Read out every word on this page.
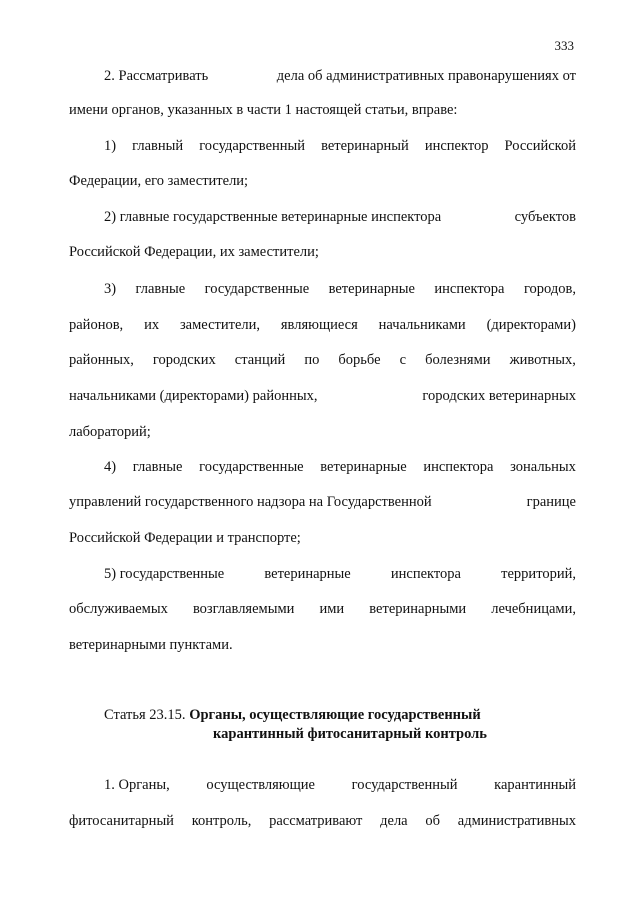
333
2. Рассматривать	дела об административных правонарушениях от
имени органов, указанных в части 1 настоящей статьи, вправе:
1) главный государственный ветеринарный инспектор Российской
Федерации, его заместители;
2) главные государственные ветеринарные инспектора	субъектов
Российской Федерации, их заместители;
3) главные государственные ветеринарные инспектора городов,
районов, их заместители, являющиеся начальниками (директорами)
районных, городских станций по борьбе с болезнями животных,
начальниками (директорами) районных,	городских ветеринарных
лабораторий;
4) главные государственные ветеринарные инспектора зональных
управлений государственного надзора на Государственной	границе
Российской Федерации и транспорте;
5) государственные	ветеринарные	инспектора	территорий,
обслуживаемых возглавляемыми ими ветеринарными лечебницами,
ветеринарными пунктами.
Статья 23.15. Органы, осуществляющие государственный
карантинный фитосанитарный контроль
1. Органы,	осуществляющие	государственный	карантинный
фитосанитарный контроль, рассматривают дела об административных
